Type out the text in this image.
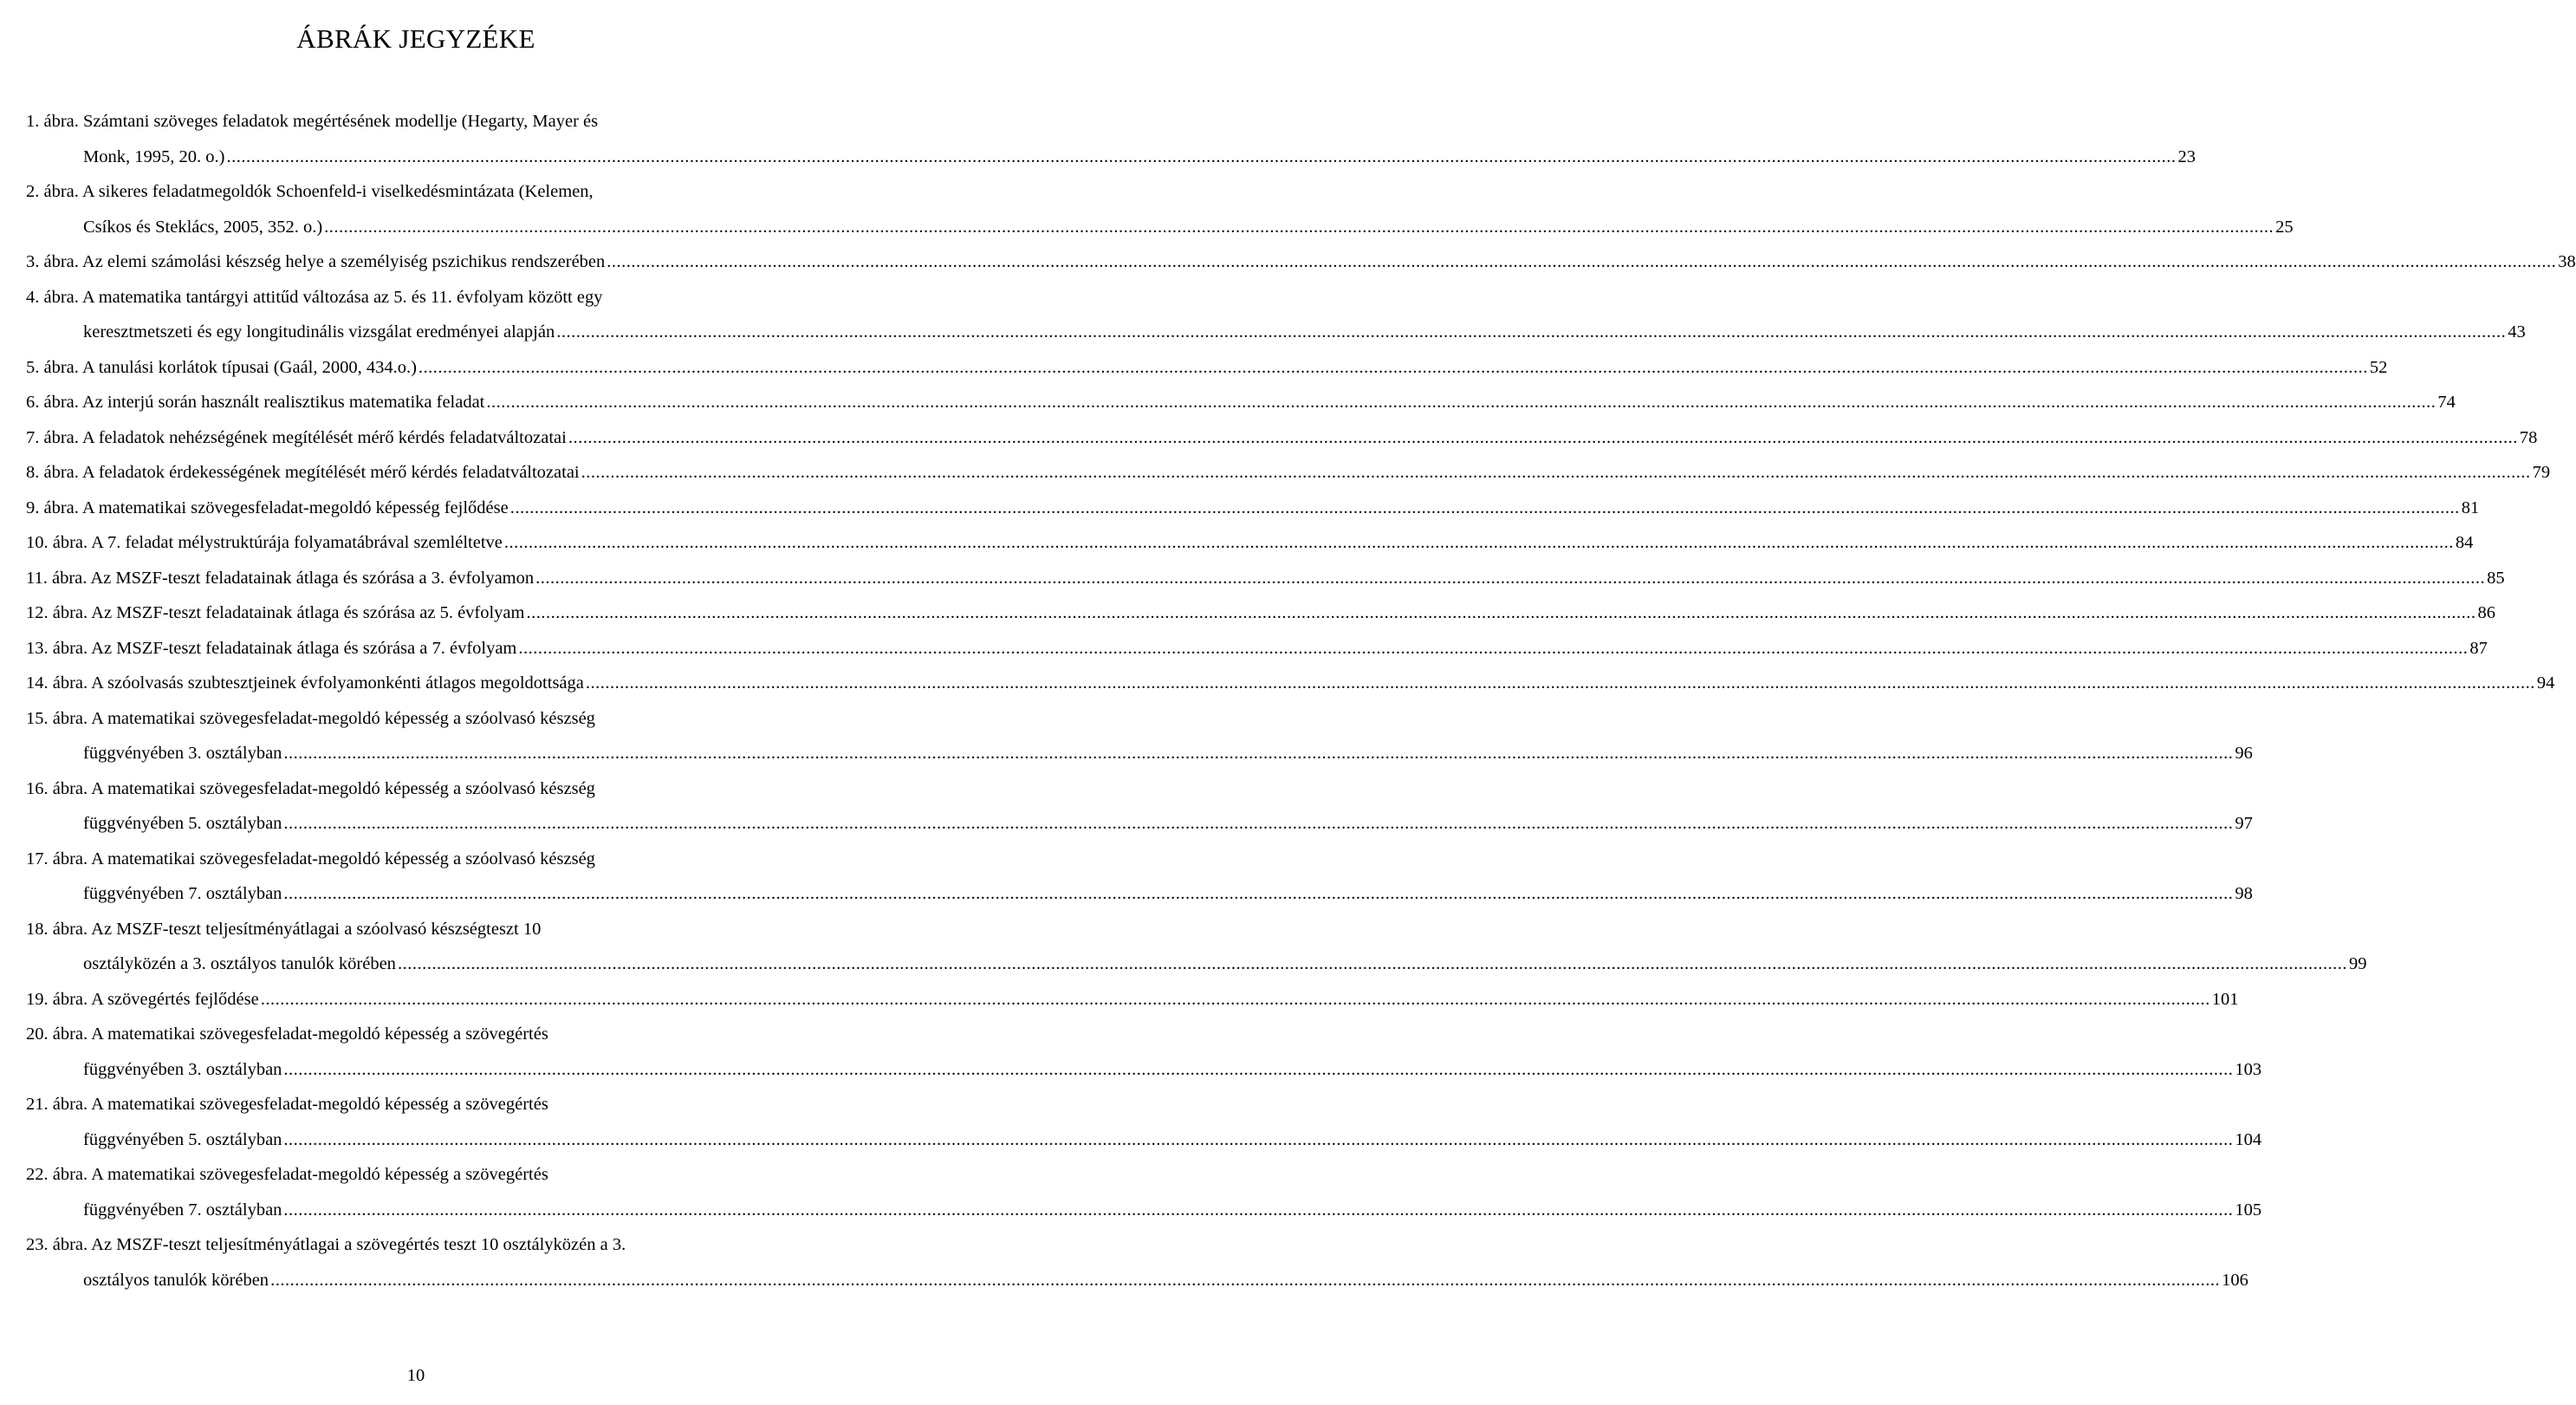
ÁBRÁK JEGYZÉKE
1. ábra. Számtani szöveges feladatok megértésének modellje (Hegarty, Mayer és
Monk, 1995, 20. o.) ................................................................................................................................................................................................................................................................................................................................................................................................................ 23
2. ábra. A sikeres feladatmegoldók Schoenfeld-i viselkedésmintázata (Kelemen,
Csíkos és Steklács, 2005, 352. o.) ................................................................................................................................................................................................................................................................................................................................................................................................................ 25
3. ábra. Az elemi számolási készség helye a személyiség pszichikus rendszerében ................................................................................................................................................................................................................................................................................................................................................................................................................ 38
4. ábra. A matematika tantárgyi attitűd változása az 5. és 11. évfolyam között egy
keresztmetszeti és egy longitudinális vizsgálat eredményei alapján ................................................................................................................................................................................................................................................................................................................................................................................................................ 43
5. ábra. A tanulási korlátok típusai (Gaál, 2000, 434.o.) ................................................................................................................................................................................................................................................................................................................................................................................................................ 52
6. ábra. Az interjú során használt realisztikus matematika feladat ................................................................................................................................................................................................................................................................................................................................................................................................................ 74
7. ábra. A feladatok nehézségének megítélését mérő kérdés feladatváltozatai ................................................................................................................................................................................................................................................................................................................................................................................................................ 78
8. ábra. A feladatok érdekességének megítélését mérő kérdés feladatváltozatai ................................................................................................................................................................................................................................................................................................................................................................................................................ 79
9. ábra. A matematikai szövegesfeladat-megoldó képesség fejlődése ................................................................................................................................................................................................................................................................................................................................................................................................................ 81
10. ábra. A 7. feladat mélystruktúrája folyamatábrával szemléltetve ................................................................................................................................................................................................................................................................................................................................................................................................................ 84
11. ábra. Az MSZF-teszt feladatainak átlaga és szórása a 3. évfolyamon ................................................................................................................................................................................................................................................................................................................................................................................................................ 85
12. ábra. Az MSZF-teszt feladatainak átlaga és szórása az 5. évfolyam ................................................................................................................................................................................................................................................................................................................................................................................................................ 86
13. ábra. Az MSZF-teszt feladatainak átlaga és szórása a 7. évfolyam ................................................................................................................................................................................................................................................................................................................................................................................................................ 87
14. ábra. A szóolvasás szubtesztjeinek évfolyamonkénti átlagos megoldottsága ................................................................................................................................................................................................................................................................................................................................................................................................................ 94
15. ábra. A matematikai szövegesfeladat-megoldó képesség a szóolvasó készség
függvényében 3. osztályban ................................................................................................................................................................................................................................................................................................................................................................................................................ 96
16. ábra. A matematikai szövegesfeladat-megoldó képesség a szóolvasó készség
függvényében 5. osztályban ................................................................................................................................................................................................................................................................................................................................................................................................................ 97
17. ábra. A matematikai szövegesfeladat-megoldó képesség a szóolvasó készség
függvényében 7. osztályban ................................................................................................................................................................................................................................................................................................................................................................................................................ 98
18. ábra. Az MSZF-teszt teljesítményátlagai a szóolvasó készségteszt 10
osztályközén a 3. osztályos tanulók körében ................................................................................................................................................................................................................................................................................................................................................................................................................ 99
19. ábra. A szövegértés fejlődése ................................................................................................................................................................................................................................................................................................................................................................................................................ 101
20. ábra. A matematikai szövegesfeladat-megoldó képesség a szövegértés
függvényében 3. osztályban ................................................................................................................................................................................................................................................................................................................................................................................................................ 103
21. ábra. A matematikai szövegesfeladat-megoldó képesség a szövegértés
függvényében 5. osztályban ................................................................................................................................................................................................................................................................................................................................................................................................................ 104
22. ábra. A matematikai szövegesfeladat-megoldó képesség a szövegértés
függvényében 7. osztályban ................................................................................................................................................................................................................................................................................................................................................................................................................ 105
23. ábra. Az MSZF-teszt teljesítményátlagai a szövegértés teszt 10 osztályközén a 3.
osztályos tanulók körében ................................................................................................................................................................................................................................................................................................................................................................................................................ 106
10
